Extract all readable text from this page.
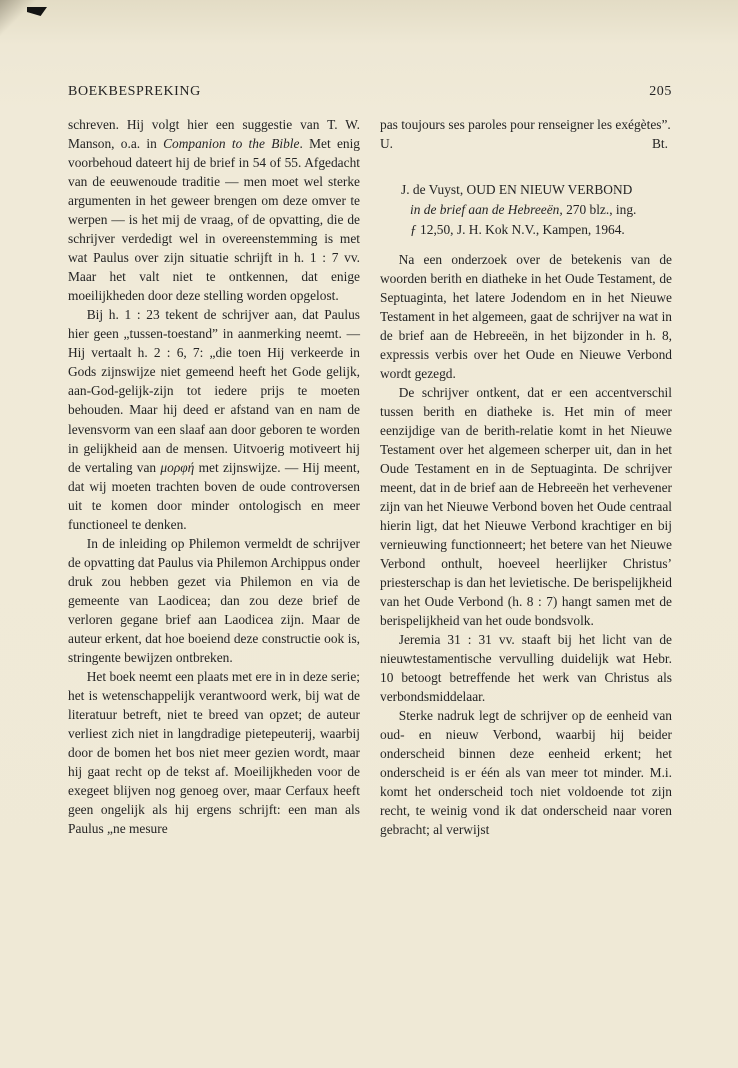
BOEKBESPREKING	205

schreven. Hij volgt hier een suggestie van T. W. Manson, o.a. in Companion to the Bible. Met enig voorbehoud dateert hij de brief in 54 of 55. Afgedacht van de eeuwenoude traditie — men moet wel sterke argumenten in het geweer brengen om deze omver te werpen — is het mij de vraag, of de opvatting, die de schrijver verdedigt wel in overeenstemming is met wat Paulus over zijn situatie schrijft in h. 1 : 7 vv. Maar het valt niet te ontkennen, dat enige moeilijkheden door deze stelling worden opgelost.

Bij h. 1 : 23 tekent de schrijver aan, dat Paulus hier geen „tussen-toestand” in aanmerking neemt. — Hij vertaalt h. 2 : 6, 7: „die toen Hij verkeerde in Gods zijnswijze niet gemeend heeft het Gode gelijk, aan-God-gelijk-zijn tot iedere prijs te moeten behouden. Maar hij deed er afstand van en nam de levensvorm van een slaaf aan door geboren te worden in gelijkheid aan de mensen. Uitvoerig motiveert hij de vertaling van μορφή met zijnswijze. — Hij meent, dat wij moeten trachten boven de oude controversen uit te komen door minder ontologisch en meer functioneel te denken.

In de inleiding op Philemon vermeldt de schrijver de opvatting dat Paulus via Philemon Archippus onder druk zou hebben gezet via Philemon en via de gemeente van Laodicea; dan zou deze brief de verloren gegane brief aan Laodicea zijn. Maar de auteur erkent, dat hoe boeiend deze constructie ook is, stringente bewijzen ontbreken.

Het boek neemt een plaats met ere in in deze serie; het is wetenschappelijk verantwoord werk, bij wat de literatuur betreft, niet te breed van opzet; de auteur verliest zich niet in langdradige pietepeuterij, waarbij door de bomen het bos niet meer gezien wordt, maar hij gaat recht op de tekst af. Moeilijkheden voor de exegeet blijven nog genoeg over, maar Cerfaux heeft geen ongelijk als hij ergens schrijft: een man als Paulus „ne mesure

pas toujours ses paroles pour renseigner les exégètes”.

U.	Bt.

J. de Vuyst, OUD EN NIEUW VERBOND in de brief aan de Hebreeën, 270 blz., ing. ƒ 12,50, J. H. Kok N.V., Kampen, 1964.

Na een onderzoek over de betekenis van de woorden berith en diatheke in het Oude Testament, de Septuaginta, het latere Jodendom en in het Nieuwe Testament in het algemeen, gaat de schrijver na wat in de brief aan de Hebreeën, in het bijzonder in h. 8, expressis verbis over het Oude en Nieuwe Verbond wordt gezegd.

De schrijver ontkent, dat er een accentverschil tussen berith en diatheke is. Het min of meer eenzijdige van de berith-relatie komt in het Nieuwe Testament over het algemeen scherper uit, dan in het Oude Testament en in de Septuaginta. De schrijver meent, dat in de brief aan de Hebreeën het verhevener zijn van het Nieuwe Verbond boven het Oude centraal hierin ligt, dat het Nieuwe Verbond krachtiger en bij vernieuwing functionneert; het betere van het Nieuwe Verbond onthult, hoeveel heerlijker Christus’ priesterschap is dan het levietische. De berispelijkheid van het Oude Verbond (h. 8 : 7) hangt samen met de berispelijkheid van het oude bondsvolk.

Jeremia 31 : 31 vv. staaft bij het licht van de nieuwtestamentische vervulling duidelijk wat Hebr. 10 betoogt betreffende het werk van Christus als verbondsmiddelaar.

Sterke nadruk legt de schrijver op de eenheid van oud- en nieuw Verbond, waarbij hij beider onderscheid binnen deze eenheid erkent; het onderscheid is er één als van meer tot minder. M.i. komt het onderscheid toch niet voldoende tot zijn recht, te weinig vond ik dat onderscheid naar voren gebracht; al verwijst
